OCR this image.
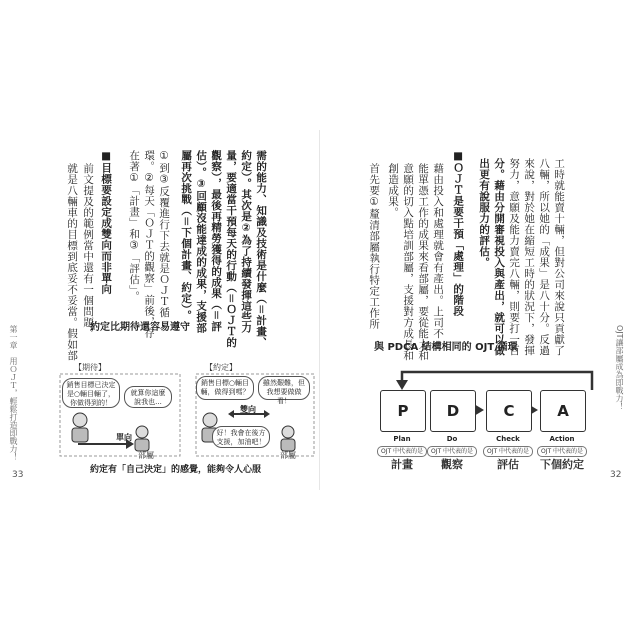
需的能力、知識及技術是什麼（＝計畫、
約定）。其次是②為了持續發揮這些力
量，要適當干預每天的行動（＝ＯＪＴ的
觀察），最後再精勞獲得的成果（＝評
估）。③回顧沒能達成的成果，支援部
屬再次挑戰（＝下個計畫、約定）。
①到③反覆進行下去就是ＯＪＴ循
環。②每天「ＯＪＴ的觀察」前後，存
在著①「計畫」和③「評估」。
■目標要設定成雙向而非單向
前文提及的範例當中還有一個問題，
就是八輛車的目標到底妥不妥當。假如部
第一章　用ＯＪＴ，輕鬆打造即戰力！
33
約定比期待還容易遵守
【期待】	【約定】
銷售目標已決定是○輛目輛了，你做得到的！
就算你這麼說我也...
銷售目標○輛目輛，做得到嗎？
雖然艱難，但我想要做做看！
好！我會在後方支援，加油吧！
單向
雙向
部屬	部屬
約定有「自己決定」的感覺，能夠令人心服
工時就能賣十輛，但對公司來說只貢獻了
八輛，所以她的「成果」是八十分。反過
來說，對於她在縮短工時的狀況下，發揮
努力，意願及能力賣完八輛，則要打一百
分。藉由分開審視投入與產出，就可以做
出更有說服力的評估。
■ＯＪＴ是要干預「處理」的階段
藉由投入和處理就會有產出。上司不
能單憑工作的成果來看部屬，要從能力和
意願的切入點培訓部屬，支援對方成長和
創造成果。
首先要①釐清部屬執行特定工作所
OJT讓部屬成為即戰力！
32
與 PDCA 結構相同的 OJT 循環
P
Plan
OJT 中代表的是
計畫
D
Do
OJT 中代表的是
觀察
C
Check
OJT 中代表的是
評估
A
Action
OJT 中代表的是
下個約定
